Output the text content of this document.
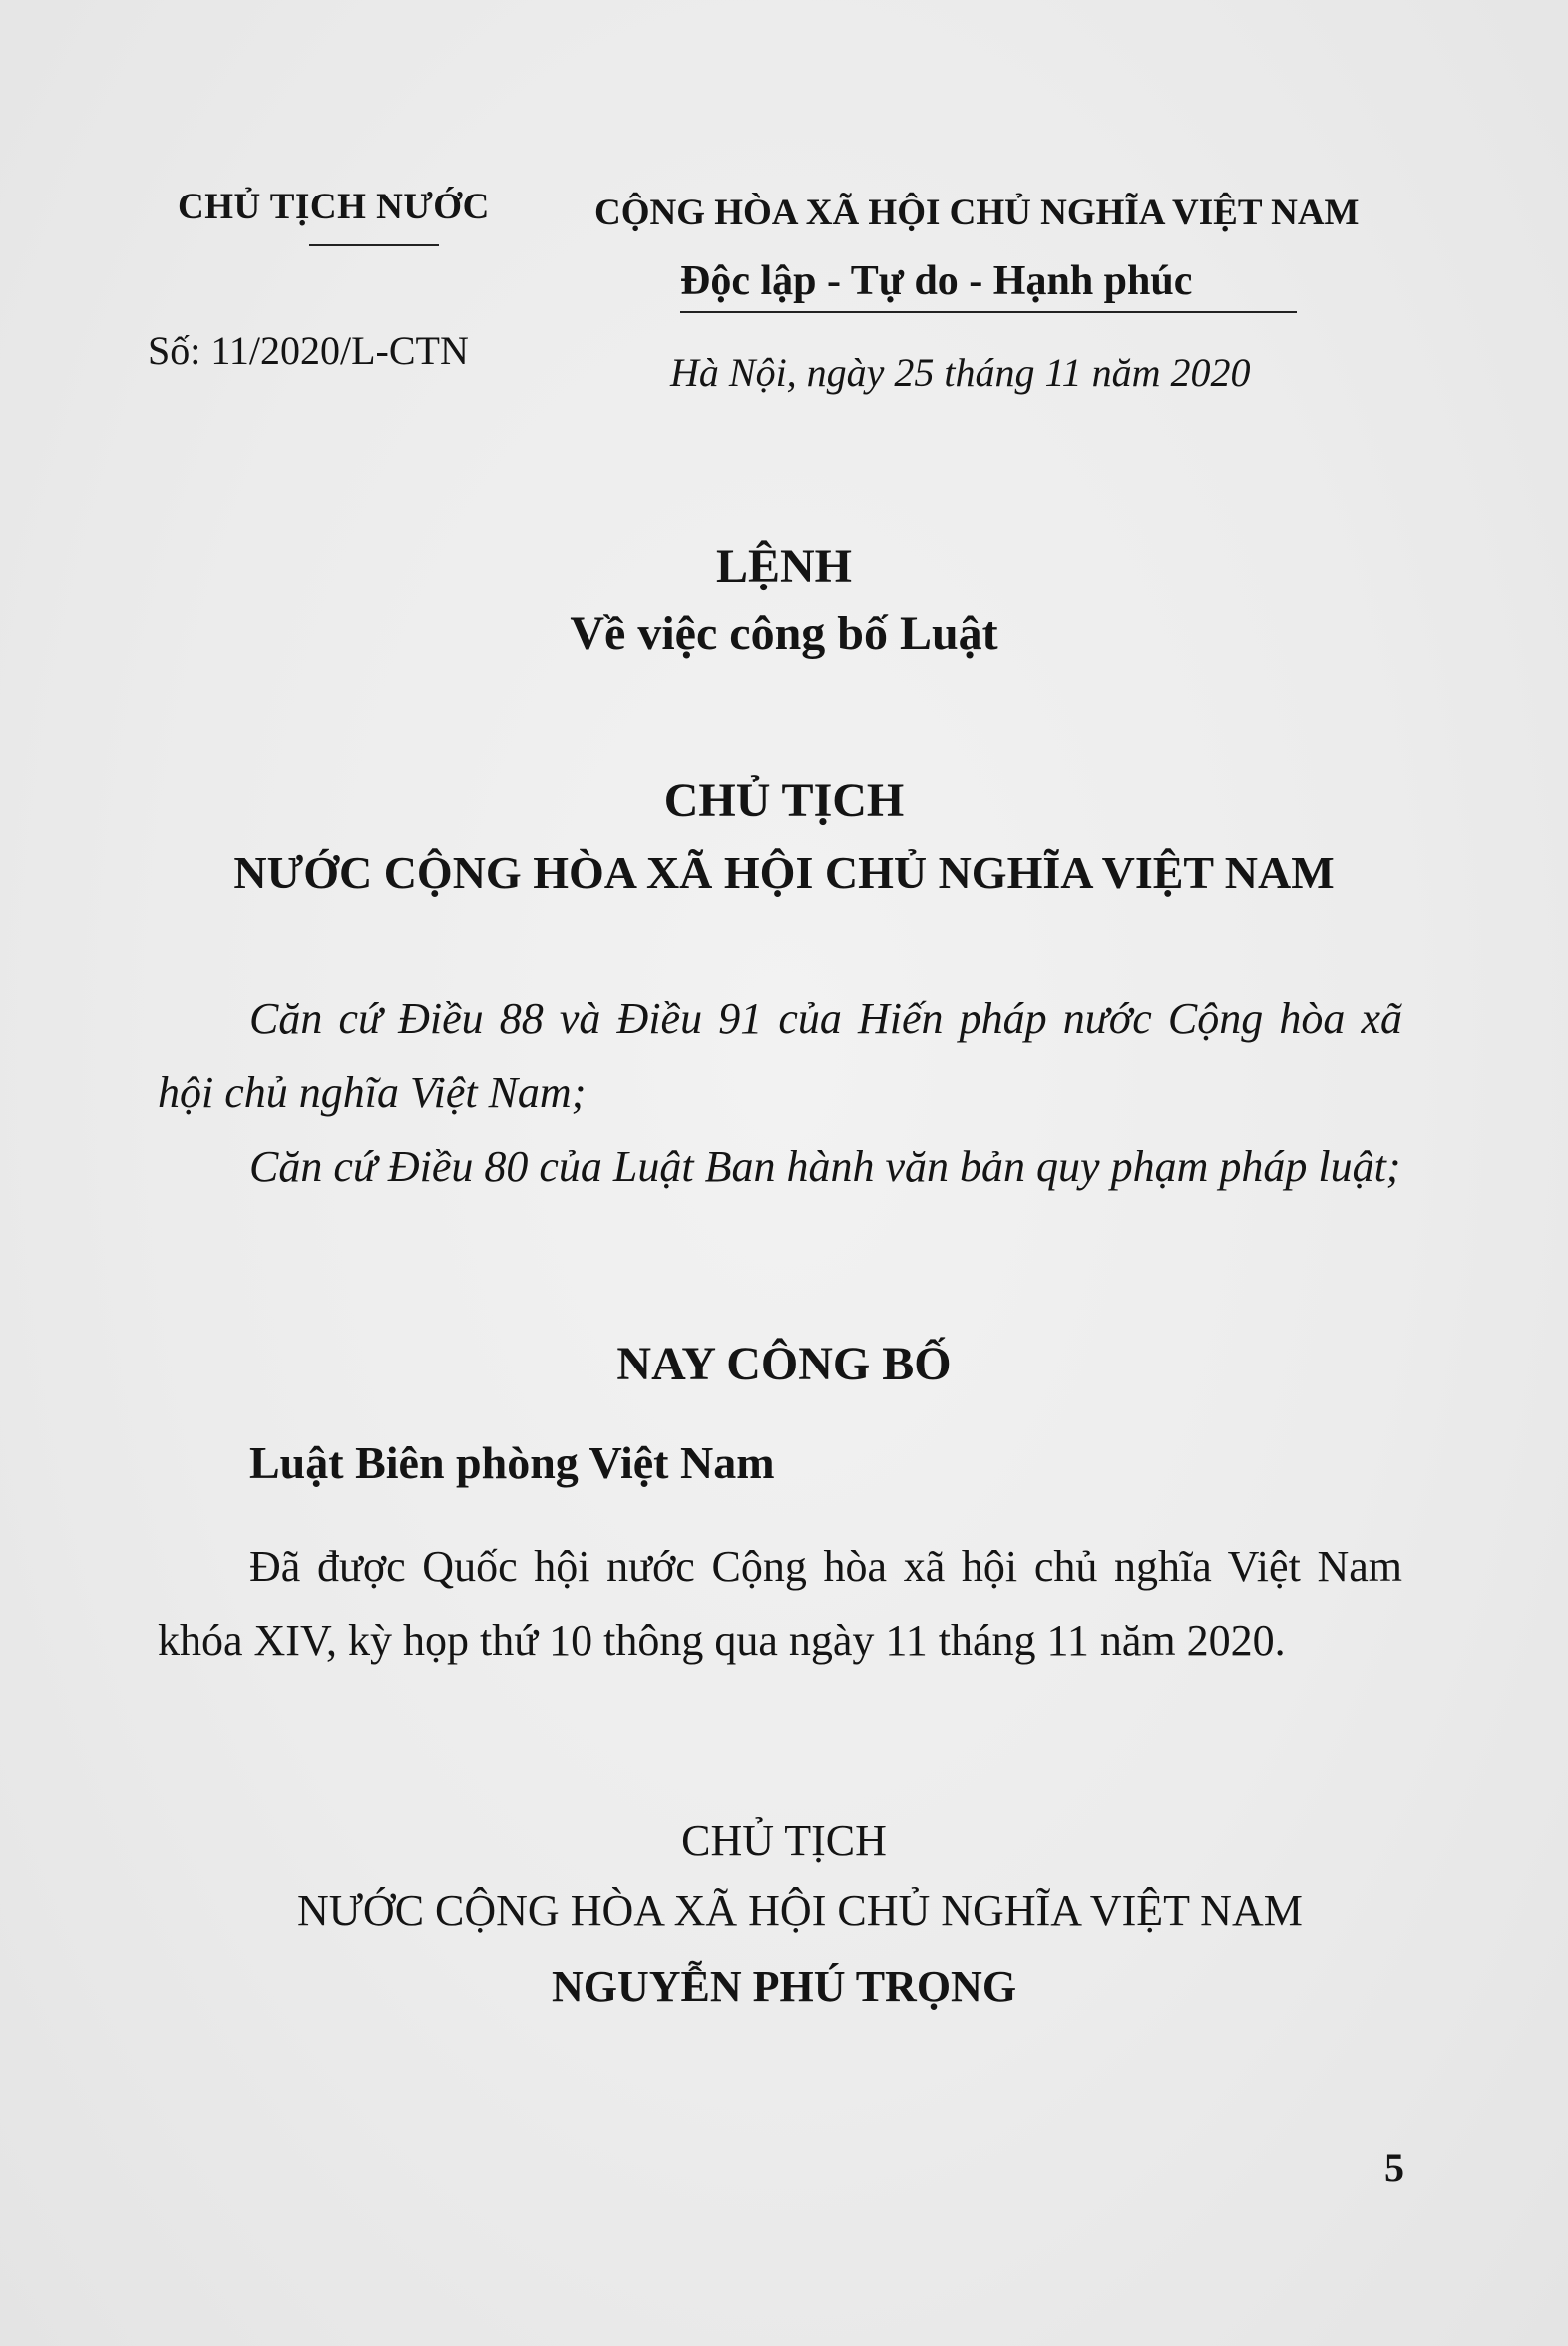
CHỦ TỊCH NƯỚC
Số: 11/2020/L-CTN
CỘNG HÒA XÃ HỘI CHỦ NGHĨA VIỆT NAM
Độc lập - Tự do - Hạnh phúc
Hà Nội, ngày 25 tháng 11 năm 2020
LỆNH
Về việc công bố Luật
CHỦ TỊCH
NƯỚC CỘNG HÒA XÃ HỘI CHỦ NGHĨA VIỆT NAM

Căn cứ Điều 88 và Điều 91 của Hiến pháp nước Cộng hòa xã hội chủ nghĩa Việt Nam;

Căn cứ Điều 80 của Luật Ban hành văn bản quy phạm pháp luật;

NAY CÔNG BỐ
Luật Biên phòng Việt Nam

Đã được Quốc hội nước Cộng hòa xã hội chủ nghĩa Việt Nam khóa XIV, kỳ họp thứ 10 thông qua ngày 11 tháng 11 năm 2020.

CHỦ TỊCH
NƯỚC CỘNG HÒA XÃ HỘI CHỦ NGHĨA VIỆT NAM
NGUYỄN PHÚ TRỌNG
5
